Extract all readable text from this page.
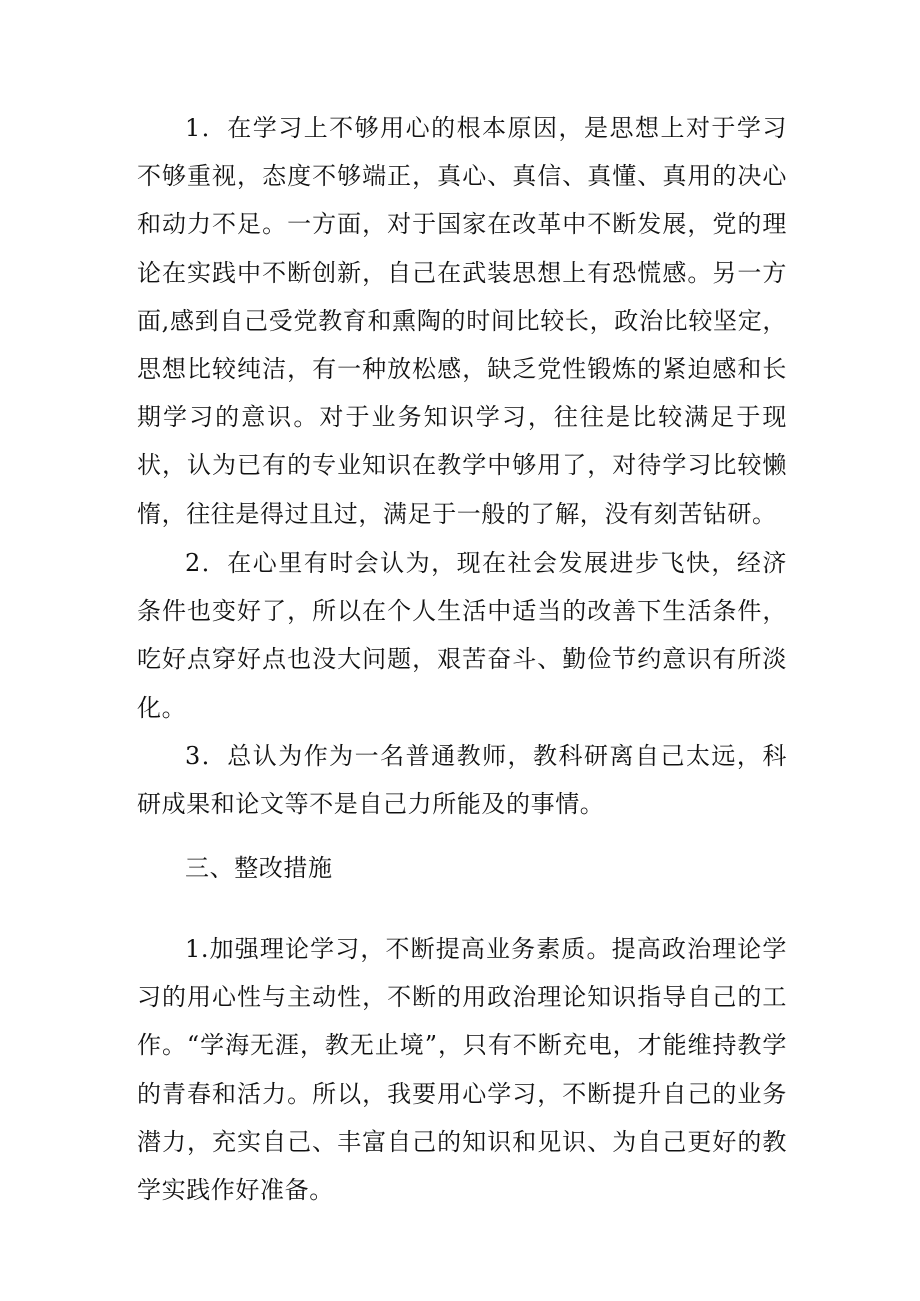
1．在学习上不够用心的根本原因，是思想上对于学习不够重视，态度不够端正，真心、真信、真懂、真用的决心和动力不足。一方面，对于国家在改革中不断发展，党的理论在实践中不断创新，自己在武装思想上有恐慌感。另一方面,感到自己受党教育和熏陶的时间比较长，政治比较坚定，思想比较纯洁，有一种放松感，缺乏党性锻炼的紧迫感和长期学习的意识。对于业务知识学习，往往是比较满足于现状，认为已有的专业知识在教学中够用了，对待学习比较懒惰，往往是得过且过，满足于一般的了解，没有刻苦钻研。

2．在心里有时会认为，现在社会发展进步飞快，经济条件也变好了，所以在个人生活中适当的改善下生活条件，吃好点穿好点也没大问题，艰苦奋斗、勤俭节约意识有所淡化。

3．总认为作为一名普通教师，教科研离自己太远，科研成果和论文等不是自己力所能及的事情。

三、整改措施

1.加强理论学习，不断提高业务素质。提高政治理论学习的用心性与主动性，不断的用政治理论知识指导自己的工作。“学海无涯，教无止境”，只有不断充电，才能维持教学的青春和活力。所以，我要用心学习，不断提升自己的业务潜力，充实自己、丰富自己的知识和见识、为自己更好的教学实践作好准备。
